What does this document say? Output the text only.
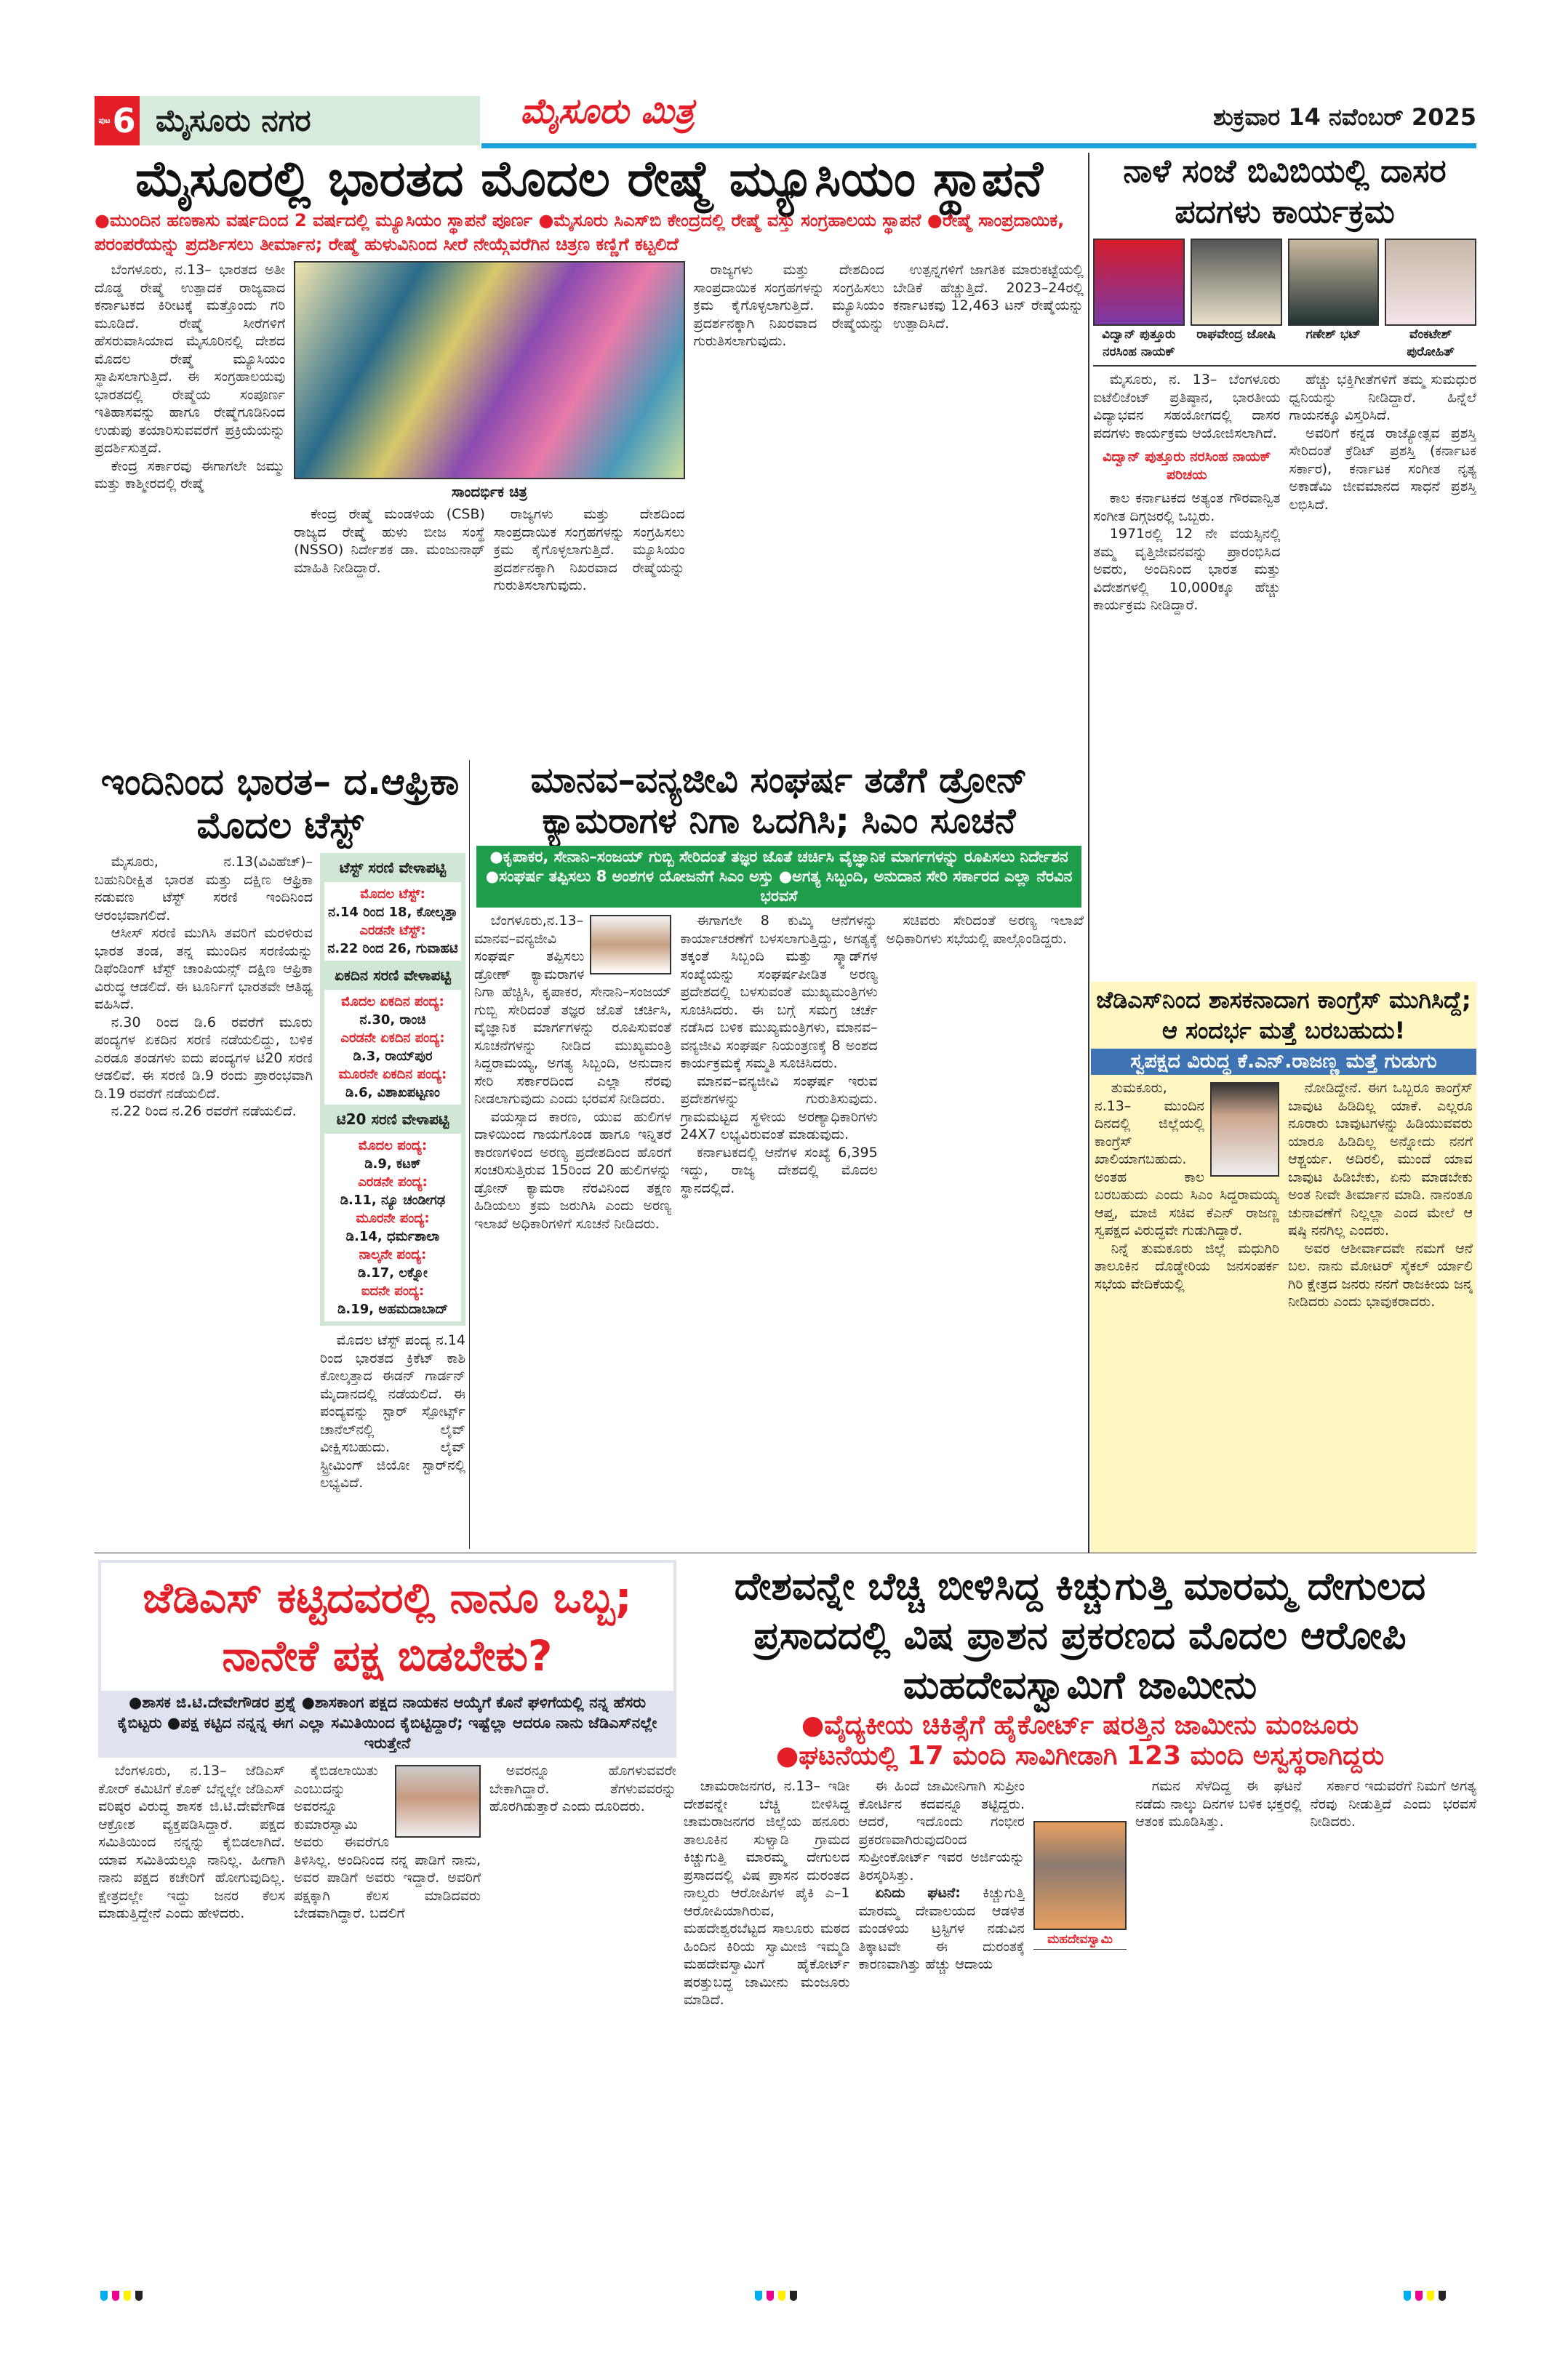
ಪುಟ 6 ಮೈಸೂರು ನಗರ	ಮೈಸೂರು ಮಿತ್ರ	ಶುಕ್ರವಾರ 14 ನವೆಂಬರ್ 2025
ಮೈಸೂರಲ್ಲಿ ಭಾರತದ ಮೊದಲ ರೇಷ್ಮೆ ಮ್ಯೂಸಿಯಂ ಸ್ಥಾಪನೆ
●ಮುಂದಿನ ಹಣಕಾಸು ವರ್ಷದಿಂದ 2 ವರ್ಷದಲ್ಲಿ ಮ್ಯೂಸಿಯಂ ಸ್ಥಾಪನೆ ಪೂರ್ಣ ●ಮೈಸೂರು ಸಿಎಸ್‌ಬಿ ಕೇಂದ್ರದಲ್ಲಿ ರೇಷ್ಮೆ ವಸ್ತು ಸಂಗ್ರಹಾಲಯ ಸ್ಥಾಪನೆ ●ರೇಷ್ಮೆ ಸಾಂಪ್ರದಾಯಿಕ, ಪರಂಪರೆಯನ್ನು ಪ್ರದರ್ಶಿಸಲು ತೀರ್ಮಾನ; ರೇಷ್ಮೆ ಹುಳುವಿನಿಂದ ಸೀರೆ ನೇಯ್ಗೆವರೆಗಿನ ಚಿತ್ರಣ ಕಣ್ಣಿಗೆ ಕಟ್ಟಲಿದೆ

ಬೆಂಗಳೂರು, ನ.13– ಭಾರತದ ಅತೀ ದೊಡ್ಡ ರೇಷ್ಮೆ ಉತ್ಪಾದಕ ರಾಜ್ಯವಾದ ಕರ್ನಾಟಕದ ಕಿರೀಟಕ್ಕೆ ಮತ್ತೊಂದು ಗರಿ ಮೂಡಿದೆ. ರೇಷ್ಮೆ ಸೀರೆಗಳಿಗೆ ಹೆಸರುವಾಸಿಯಾದ ಮೈಸೂರಿನಲ್ಲಿ ದೇಶದ ಮೊದಲ ರೇಷ್ಮೆ ಮ್ಯೂಸಿಯಂ ಸ್ಥಾಪಿಸಲಾಗುತ್ತಿದೆ. ಈ ಸಂಗ್ರಹಾಲಯವು ಭಾರತದಲ್ಲಿ ರೇಷ್ಮೆಯ ಸಂಪೂರ್ಣ ಇತಿಹಾಸವನ್ನು ಹಾಗೂ ರೇಷ್ಮೆಗೂಡಿನಿಂದ ಉಡುಪು ತಯಾರಿಸುವವರೆಗೆ ಪ್ರಕ್ರಿಯೆಯನ್ನು ಪ್ರದರ್ಶಿಸುತ್ತದೆ.

ಕೇಂದ್ರ ಸರ್ಕಾರವು ಈಗಾಗಲೇ ಜಮ್ಮು ಮತ್ತು ಕಾಶ್ಮೀರದಲ್ಲಿ ರೇಷ್ಮೆ	ಸಾಂದರ್ಭಿಕ ಚಿತ್ರ

ಕೇಂದ್ರ ರೇಷ್ಮೆ ಮಂಡಳಿಯ (CSB) ರಾಜ್ಯದ ರೇಷ್ಮೆ ಹುಳು ಬೀಜ ಸಂಸ್ಥೆ (NSSO) ನಿರ್ದೇಶಕ ಡಾ. ಮಂಜುನಾಥ್ ಮಾಹಿತಿ ನೀಡಿದ್ದಾರೆ.

ರಾಜ್ಯಗಳು ಮತ್ತು ದೇಶದಿಂದ ಸಾಂಪ್ರದಾಯಿಕ ಸಂಗ್ರಹಗಳನ್ನು ಸಂಗ್ರಹಿಸಲು ಕ್ರಮ ಕೈಗೊಳ್ಳಲಾಗುತ್ತಿದೆ. ಮ್ಯೂಸಿಯಂ ಪ್ರದರ್ಶನಕ್ಕಾಗಿ ನಿಖರವಾದ ರೇಷ್ಮೆಯನ್ನು ಗುರುತಿಸಲಾಗುವುದು.

ರಾಜ್ಯಗಳು ಮತ್ತು ದೇಶದಿಂದ ಸಾಂಪ್ರದಾಯಿಕ ಸಂಗ್ರಹಗಳನ್ನು ಸಂಗ್ರಹಿಸಲು ಕ್ರಮ ಕೈಗೊಳ್ಳಲಾಗುತ್ತಿದೆ. ಮ್ಯೂಸಿಯಂ ಪ್ರದರ್ಶನಕ್ಕಾಗಿ ನಿಖರವಾದ ರೇಷ್ಮೆಯನ್ನು ಗುರುತಿಸಲಾಗುವುದು.

ಉತ್ಪನ್ನಗಳಿಗೆ ಜಾಗತಿಕ ಮಾರುಕಟ್ಟೆಯಲ್ಲಿ ಬೇಡಿಕೆ ಹೆಚ್ಚುತ್ತಿದೆ. 2023–24ರಲ್ಲಿ ಕರ್ನಾಟಕವು 12,463 ಟನ್ ರೇಷ್ಮೆಯನ್ನು ಉತ್ಪಾದಿಸಿದೆ.

ನಾಳೆ ಸಂಜೆ ಬಿವಿಬಿಯಲ್ಲಿ ದಾಸರ ಪದಗಳು ಕಾರ್ಯಕ್ರಮ
ವಿದ್ವಾನ್ ಪುತ್ತೂರು ನರಸಿಂಹ ನಾಯಕ್
ರಾಘವೇಂದ್ರ ಜೋಷಿ	ಗಣೇಶ್ ಭಟ್	ವೆಂಕಟೇಶ್ ಪುರೋಹಿತ್

ಮೈಸೂರು, ನ. 13– ಬೆಂಗಳೂರು ಐಟೆಲಿಜೆಂಟ್ ಪ್ರತಿಷ್ಠಾನ, ಭಾರತೀಯ ವಿದ್ಯಾಭವನ ಸಹಯೋಗದಲ್ಲಿ ದಾಸರ ಪದಗಳು ಕಾರ್ಯಕ್ರಮ ಆಯೋಜಿಸಲಾಗಿದೆ.

ವಿದ್ವಾನ್ ಪುತ್ತೂರು ನರಸಿಂಹ ನಾಯಕ್ ಪರಿಚಯ

ಕಾಲ ಕರ್ನಾಟಕದ ಅತ್ಯಂತ ಗೌರವಾನ್ವಿತ ಸಂಗೀತ ದಿಗ್ಗಜರಲ್ಲಿ ಒಬ್ಬರು.

1971ರಲ್ಲಿ 12 ನೇ ವಯಸ್ಸಿನಲ್ಲಿ ತಮ್ಮ ವೃತ್ತಿಜೀವನವನ್ನು ಪ್ರಾರಂಭಿಸಿದ ಅವರು, ಅಂದಿನಿಂದ ಭಾರತ ಮತ್ತು ವಿದೇಶಗಳಲ್ಲಿ 10,000ಕ್ಕೂ ಹೆಚ್ಚು ಕಾರ್ಯಕ್ರಮ ನೀಡಿದ್ದಾರೆ.

ಹೆಚ್ಚು ಭಕ್ತಿಗೀತೆಗಳಿಗೆ ತಮ್ಮ ಸುಮಧುರ ಧ್ವನಿಯನ್ನು ನೀಡಿದ್ದಾರೆ. ಹಿನ್ನೆಲೆ ಗಾಯನಕ್ಕೂ ವಿಸ್ತರಿಸಿದೆ.

ಅವರಿಗೆ ಕನ್ನಡ ರಾಜ್ಯೋತ್ಸವ ಪ್ರಶಸ್ತಿ ಸೇರಿದಂತೆ ಕ್ರೆಡಿಟ್ ಪ್ರಶಸ್ತಿ (ಕರ್ನಾಟಕ ಸರ್ಕಾರ), ಕರ್ನಾಟಕ ಸಂಗೀತ ನೃತ್ಯ ಅಕಾಡೆಮಿ ಜೀವಮಾನದ ಸಾಧನೆ ಪ್ರಶಸ್ತಿ ಲಭಿಸಿದೆ.

ಜೆಡಿಎಸ್‌ನಿಂದ ಶಾಸಕನಾದಾಗ ಕಾಂಗ್ರೆಸ್ ಮುಗಿಸಿದ್ದೆ; ಆ ಸಂದರ್ಭ ಮತ್ತೆ ಬರಬಹುದು!
ಸ್ವಪಕ್ಷದ ವಿರುದ್ಧ ಕೆ.ಎನ್.ರಾಜಣ್ಣ ಮತ್ತೆ ಗುಡುಗು

ತುಮಕೂರು, ನ.13– ಮುಂದಿನ ದಿನದಲ್ಲಿ ಜಿಲ್ಲೆಯಲ್ಲಿ ಕಾಂಗ್ರೆಸ್ ಖಾಲಿಯಾಗಬಹುದು. ಅಂತಹ ಕಾಲ ಬರಬಹುದು ಎಂದು ಸಿಎಂ ಸಿದ್ದರಾಮಯ್ಯ ಆಪ್ತ, ಮಾಜಿ ಸಚಿವ ಕೆಎನ್ ರಾಜಣ್ಣ ಸ್ವಪಕ್ಷದ ವಿರುದ್ಧವೇ ಗುಡುಗಿದ್ದಾರೆ.

ನಿನ್ನೆ ತುಮಕೂರು ಜಿಲ್ಲೆ ಮಧುಗಿರಿ ತಾಲೂಕಿನ ದೊಡ್ಡೇರಿಯ ಜನಸಂಪರ್ಕ ಸಭೆಯ ವೇದಿಕೆಯಲ್ಲಿ

ನೋಡಿದ್ದೇನೆ. ಈಗ ಒಬ್ಬರೂ ಕಾಂಗ್ರೆಸ್ ಬಾವುಟ ಹಿಡಿದಿಲ್ಲ ಯಾಕೆ. ಎಲ್ಲರೂ ನೂರಾರು ಬಾವುಟಗಳನ್ನು ಹಿಡಿಯುವವರು ಯಾರೂ ಹಿಡಿದಿಲ್ಲ ಅನ್ನೋದು ನನಗೆ ಆಶ್ಚರ್ಯ. ಅದಿರಲಿ, ಮುಂದೆ ಯಾವ ಬಾವುಟ ಹಿಡಿಬೇಕು, ಏನು ಮಾಡಬೇಕು ಅಂತ ನೀವೇ ತೀರ್ಮಾನ ಮಾಡಿ. ನಾನಂತೂ ಚುನಾವಣೆಗೆ ನಿಲ್ಲಲ್ಲಾ ಎಂದ ಮೇಲೆ ಆ ಷಷ್ಠಿ ನನಗಿಲ್ಲ ಎಂದರು.

ಅವರ ಆಶೀರ್ವಾದವೇ ನಮಗೆ ಆನೆ ಬಲ. ನಾನು ಮೋಟರ್ ಸೈಕಲ್ ರ್ಯಾಲಿ ಗಿರಿ ಕ್ಷೇತ್ರದ ಜನರು ನನಗೆ ರಾಜಕೀಯ ಜನ್ಮ ನೀಡಿದರು ಎಂದು ಭಾವುಕರಾದರು.

ಇಂದಿನಿಂದ ಭಾರತ– ದ.ಆಫ್ರಿಕಾ ಮೊದಲ ಟೆಸ್ಟ್

ಮೈಸೂರು, ನ.13(ವಿವಿಹೆಚ್)– ಬಹುನಿರೀಕ್ಷಿತ ಭಾರತ ಮತ್ತು ದಕ್ಷಿಣ ಆಫ್ರಿಕಾ ನಡುವಣ ಟೆಸ್ಟ್ ಸರಣಿ ಇಂದಿನಿಂದ ಆರಂಭವಾಗಲಿದೆ.

ಆಸೀಸ್ ಸರಣಿ ಮುಗಿಸಿ ತವರಿಗೆ ಮರಳಿರುವ ಭಾರತ ತಂಡ, ತನ್ನ ಮುಂದಿನ ಸರಣಿಯನ್ನು ಡಿಫೆಂಡಿಂಗ್ ಟೆಸ್ಟ್ ಚಾಂಪಿಯನ್ಸ್ ದಕ್ಷಿಣ ಆಫ್ರಿಕಾ ವಿರುದ್ಧ ಆಡಲಿದೆ. ಈ ಟೂರ್ನಿಗೆ ಭಾರತವೇ ಆತಿಥ್ಯ ವಹಿಸಿದೆ.

ನ.30 ರಿಂದ ಡಿ.6 ರವರೆಗೆ ಮೂರು ಪಂದ್ಯಗಳ ಏಕದಿನ ಸರಣಿ ನಡೆಯಲಿದ್ದು, ಬಳಿಕ ಎರಡೂ ತಂಡಗಳು ಐದು ಪಂದ್ಯಗಳ ಟಿ20 ಸರಣಿ ಆಡಲಿವೆ. ಈ ಸರಣಿ ಡಿ.9 ರಂದು ಪ್ರಾರಂಭವಾಗಿ ಡಿ.19 ರವರೆಗೆ ನಡೆಯಲಿದೆ.

ನ.22 ರಿಂದ ನ.26 ರವರೆಗೆ ನಡೆಯಲಿದೆ.

ಟೆಸ್ಟ್ ಸರಣಿ ವೇಳಾಪಟ್ಟಿ
ಮೊದಲ ಟೆಸ್ಟ್:
ನ.14 ರಿಂದ 18, ಕೋಲ್ಕತ್ತಾ
ಎರಡನೇ ಟೆಸ್ಟ್:
ನ.22 ರಿಂದ 26, ಗುವಾಹಟಿ
ಏಕದಿನ ಸರಣಿ ವೇಳಾಪಟ್ಟಿ
ಮೊದಲ ಏಕದಿನ ಪಂದ್ಯ:
ನ.30, ರಾಂಚಿ
ಎರಡನೇ ಏಕದಿನ ಪಂದ್ಯ:
ಡಿ.3, ರಾಯ್‌ಪುರ
ಮೂರನೇ ಏಕದಿನ ಪಂದ್ಯ:
ಡಿ.6, ವಿಶಾಖಪಟ್ಟಣಂ
ಟಿ20 ಸರಣಿ ವೇಳಾಪಟ್ಟಿ
ಮೊದಲ ಪಂದ್ಯ:
ಡಿ.9, ಕಟಕ್
ಎರಡನೇ ಪಂದ್ಯ:
ಡಿ.11, ನ್ಯೂ ಚಂಡೀಗಢ
ಮೂರನೇ ಪಂದ್ಯ:
ಡಿ.14, ಧರ್ಮಶಾಲಾ
ನಾಲ್ಕನೇ ಪಂದ್ಯ:
ಡಿ.17, ಲಕ್ನೋ
ಐದನೇ ಪಂದ್ಯ:
ಡಿ.19, ಅಹಮದಾಬಾದ್

ಮೊದಲ ಟೆಸ್ಟ್ ಪಂದ್ಯ ನ.14 ರಿಂದ ಭಾರತದ ಕ್ರಿಕೆಟ್ ಕಾಶಿ ಕೋಲ್ಕತ್ತಾದ ಈಡನ್ ಗಾರ್ಡನ್ ಮೈದಾನದಲ್ಲಿ ನಡೆಯಲಿದೆ. ಈ ಪಂದ್ಯವನ್ನು ಸ್ಟಾರ್ ಸ್ಪೋರ್ಟ್ಸ್ ಚಾನೆಲ್‌ನಲ್ಲಿ ಲೈವ್ ವೀಕ್ಷಿಸಬಹುದು. ಲೈವ್ ಸ್ಟ್ರೀಮಿಂಗ್ ಜಿಯೋ ಸ್ಟಾರ್‌ನಲ್ಲಿ ಲಭ್ಯವಿದೆ.

ಮಾನವ–ವನ್ಯಜೀವಿ ಸಂಘರ್ಷ ತಡೆಗೆ ಡ್ರೋನ್ ಕ್ಯಾಮರಾಗಳ ನಿಗಾ ಒದಗಿಸಿ; ಸಿಎಂ ಸೂಚನೆ
●ಕೃಪಾಕರ, ಸೇನಾನಿ–ಸಂಜಯ್ ಗುಬ್ಬಿ ಸೇರಿದಂತೆ ತಜ್ಞರ ಜೊತೆ ಚರ್ಚಿಸಿ ವೈಜ್ಞಾನಿಕ ಮಾರ್ಗಗಳನ್ನು ರೂಪಿಸಲು ನಿರ್ದೇಶನ ●ಸಂಘರ್ಷ ತಪ್ಪಿಸಲು 8 ಅಂಶಗಳ ಯೋಜನೆಗೆ ಸಿಎಂ ಅಸ್ತು ●ಅಗತ್ಯ ಸಿಬ್ಬಂದಿ, ಅನುದಾನ ಸೇರಿ ಸರ್ಕಾರದ ಎಲ್ಲಾ ನೆರವಿನ ಭರವಸೆ

ಬೆಂಗಳೂರು,ನ.13– ಮಾನವ–ವನ್ಯಜೀವಿ ಸಂಘರ್ಷ ತಪ್ಪಿಸಲು ಡ್ರೋಣ್ ಕ್ಯಾಮರಾಗಳ ನಿಗಾ ಹೆಚ್ಚಿಸಿ, ಕೃಪಾಕರ, ಸೇನಾನಿ–ಸಂಜಯ್ ಗುಬ್ಬಿ ಸೇರಿದಂತೆ ತಜ್ಞರ ಜೊತೆ ಚರ್ಚಿಸಿ, ವೈಜ್ಞಾನಿಕ ಮಾರ್ಗಗಳನ್ನು ರೂಪಿಸುವಂತೆ ಸೂಚನೆಗಳನ್ನು ನೀಡಿದ ಮುಖ್ಯಮಂತ್ರಿ ಸಿದ್ದರಾಮಯ್ಯ, ಅಗತ್ಯ ಸಿಬ್ಬಂದಿ, ಅನುದಾನ ಸೇರಿ ಸರ್ಕಾರದಿಂದ ಎಲ್ಲಾ ನೆರವು ನೀಡಲಾಗುವುದು ಎಂದು ಭರವಸೆ ನೀಡಿದರು.

ವಯಸ್ಸಾದ ಕಾರಣ, ಯುವ ಹುಲಿಗಳ ದಾಳಿಯಿಂದ ಗಾಯಗೊಂಡ ಹಾಗೂ ಇನ್ನಿತರೆ ಕಾರಣಗಳಿಂದ ಅರಣ್ಯ ಪ್ರದೇಶದಿಂದ ಹೊರಗೆ ಸಂಚರಿಸುತ್ತಿರುವ 15ರಿಂದ 20 ಹುಲಿಗಳನ್ನು ಡ್ರೋನ್ ಕ್ಯಾಮರಾ ನೆರವಿನಿಂದ ತಕ್ಷಣ ಹಿಡಿಯಲು ಕ್ರಮ ಜರುಗಿಸಿ ಎಂದು ಅರಣ್ಯ ಇಲಾಖೆ ಅಧಿಕಾರಿಗಳಿಗೆ ಸೂಚನೆ ನೀಡಿದರು.

ಈಗಾಗಲೇ 8 ಕುಮ್ಕಿ ಆನೆಗಳನ್ನು ಕಾರ್ಯಾಚರಣೆಗೆ ಬಳಸಲಾಗುತ್ತಿದ್ದು, ಅಗತ್ಯಕ್ಕೆ ತಕ್ಕಂತೆ ಸಿಬ್ಬಂದಿ ಮತ್ತು ಸ್ಕ್ವಾಡ್‌ಗಳ ಸಂಖ್ಯೆಯನ್ನು ಸಂಘರ್ಷಪೀಡಿತ ಅರಣ್ಯ ಪ್ರದೇಶದಲ್ಲಿ ಬಳಸುವಂತೆ ಮುಖ್ಯಮಂತ್ರಿಗಳು ಸೂಚಿಸಿದರು. ಈ ಬಗ್ಗೆ ಸಮಗ್ರ ಚರ್ಚೆ ನಡೆಸಿದ ಬಳಿಕ ಮುಖ್ಯಮಂತ್ರಿಗಳು, ಮಾನವ–ವನ್ಯಜೀವಿ ಸಂಘರ್ಷ ನಿಯಂತ್ರಣಕ್ಕೆ 8 ಅಂಶದ ಕಾರ್ಯಕ್ರಮಕ್ಕೆ ಸಮ್ಮತಿ ಸೂಚಿಸಿದರು.

ಮಾನವ–ವನ್ಯಜೀವಿ ಸಂಘರ್ಷ ಇರುವ ಪ್ರದೇಶಗಳನ್ನು ಗುರುತಿಸುವುದು. ಗ್ರಾಮಮಟ್ಟದ ಸ್ಥಳೀಯ ಅರಣ್ಯಾಧಿಕಾರಿಗಳು 24X7 ಲಭ್ಯವಿರುವಂತೆ ಮಾಡುವುದು.

ಕರ್ನಾಟಕದಲ್ಲಿ ಆನೆಗಳ ಸಂಖ್ಯೆ 6,395 ಇದ್ದು, ರಾಜ್ಯ ದೇಶದಲ್ಲಿ ಮೊದಲ ಸ್ಥಾನದಲ್ಲಿದೆ.

ಸಚಿವರು ಸೇರಿದಂತೆ ಅರಣ್ಯ ಇಲಾಖೆ ಅಧಿಕಾರಿಗಳು ಸಭೆಯಲ್ಲಿ ಪಾಲ್ಗೊಂಡಿದ್ದರು.

ಜೆಡಿಎಸ್ ಕಟ್ಟಿದವರಲ್ಲಿ ನಾನೂ ಒಬ್ಬ; ನಾನೇಕೆ ಪಕ್ಷ ಬಿಡಬೇಕು?
●ಶಾಸಕ ಜಿ.ಟಿ.ದೇವೇಗೌಡರ ಪ್ರಶ್ನೆ ●ಶಾಸಕಾಂಗ ಪಕ್ಷದ ನಾಯಕನ ಆಯ್ಕೆಗೆ ಕೊನೆ ಘಳಿಗೆಯಲ್ಲಿ ನನ್ನ ಹೆಸರು ಕೈಬಿಟ್ಟರು ●ಪಕ್ಷ ಕಟ್ಟಿದ ನನ್ನನ್ನ ಈಗ ಎಲ್ಲಾ ಸಮಿತಿಯಿಂದ ಕೈಬಿಟ್ಟಿದ್ದಾರೆ; ಇಷ್ಟೆಲ್ಲಾ ಆದರೂ ನಾನು ಜೆಡಿಎಸ್‌ನಲ್ಲೇ ಇರುತ್ತೇನೆ

ಬೆಂಗಳೂರು, ನ.13– ಜೆಡಿಎಸ್ ಕೋರ್ ಕಮಿಟಿಗೆ ಕೊಕ್ ಬೆನ್ನಲ್ಲೇ ಜೆಡಿಎಸ್ ವರಿಷ್ಠರ ವಿರುದ್ಧ ಶಾಸಕ ಜಿ.ಟಿ.ದೇವೇಗೌಡ ಆಕ್ರೋಶ ವ್ಯಕ್ತಪಡಿಸಿದ್ದಾರೆ. ಪಕ್ಷದ ಸಮಿತಿಯಿಂದ ನನ್ನನ್ನು ಕೈಬಿಡಲಾಗಿದೆ. ಯಾವ ಸಮಿತಿಯಲ್ಲೂ ನಾನಿಲ್ಲ. ಹೀಗಾಗಿ ನಾನು ಪಕ್ಷದ ಕಚೇರಿಗೆ ಹೋಗುವುದಿಲ್ಲ. ಕ್ಷೇತ್ರದಲ್ಲೇ ಇದ್ದು ಜನರ ಕೆಲಸ ಮಾಡುತ್ತಿದ್ದೇನೆ ಎಂದು ಹೇಳಿದರು.

ಕೈಬಿಡಲಾಯಿತು ಎಂಬುದನ್ನು ಅವರನ್ನೂ ಕುಮಾರಸ್ವಾಮಿ ಅವರು ಈವರೆಗೂ ತಿಳಿಸಿಲ್ಲ. ಅಂದಿನಿಂದ ನನ್ನ ಪಾಡಿಗೆ ನಾನು, ಅವರ ಪಾಡಿಗೆ ಅವರು ಇದ್ದಾರೆ. ಅವರಿಗೆ ಪಕ್ಷಕ್ಕಾಗಿ ಕೆಲಸ ಮಾಡಿದವರು ಬೇಡವಾಗಿದ್ದಾರೆ. ಬದಲಿಗೆ

ಅವರನ್ನೂ ಹೊಗಳುವವರೇ ಬೇಕಾಗಿದ್ದಾರೆ. ತೆಗಳುವವರನ್ನು ಹೊರಗಿಡುತ್ತಾರೆ ಎಂದು ದೂರಿದರು.

ದೇಶವನ್ನೇ ಬೆಚ್ಚಿ ಬೀಳಿಸಿದ್ದ ಕಿಚ್ಚುಗುತ್ತಿ ಮಾರಮ್ಮ ದೇಗುಲದ ಪ್ರಸಾದದಲ್ಲಿ ವಿಷ ಪ್ರಾಶನ ಪ್ರಕರಣದ ಮೊದಲ ಆರೋಪಿ ಮಹದೇವಸ್ವಾಮಿಗೆ ಜಾಮೀನು
●ವೈದ್ಯಕೀಯ ಚಿಕಿತ್ಸೆಗೆ ಹೈಕೋರ್ಟ್ ಷರತ್ತಿನ ಜಾಮೀನು ಮಂಜೂರು
●ಘಟನೆಯಲ್ಲಿ 17 ಮಂದಿ ಸಾವಿಗೀಡಾಗಿ 123 ಮಂದಿ ಅಸ್ವಸ್ಥರಾಗಿದ್ದರು

ಚಾಮರಾಜನಗರ, ನ.13– ಇಡೀ ದೇಶವನ್ನೇ ಬೆಚ್ಚಿ ಬೀಳಿಸಿದ್ದ ಚಾಮರಾಜನಗರ ಜಿಲ್ಲೆಯ ಹನೂರು ತಾಲೂಕಿನ ಸುಳ್ವಾಡಿ ಗ್ರಾಮದ ಕಿಚ್ಚುಗುತ್ತಿ ಮಾರಮ್ಮ ದೇಗುಲದ ಪ್ರಸಾದದಲ್ಲಿ ವಿಷ ಪ್ರಾಸನ ದುರಂತದ ನಾಲ್ವರು ಆರೋಪಿಗಳ ಪೈಕಿ ಎ–1 ಆರೋಪಿಯಾಗಿರುವ, ಮಹದೇಶ್ವರಬೆಟ್ಟದ ಸಾಲೂರು ಮಠದ ಹಿಂದಿನ ಕಿರಿಯ ಸ್ವಾಮೀಜಿ ಇಮ್ಮಡಿ ಮಹದೇವಸ್ವಾಮಿಗೆ ಹೈಕೋರ್ಟ್ ಷರತ್ತುಬದ್ಧ ಜಾಮೀನು ಮಂಜೂರು ಮಾಡಿದೆ.

ಈ ಹಿಂದೆ ಜಾಮೀನಿಗಾಗಿ ಸುಪ್ರೀಂ ಕೋರ್ಟಿನ ಕದವನ್ನೂ ತಟ್ಟಿದ್ದರು. ಆದರೆ, ಇದೊಂದು ಗಂಭೀರ ಪ್ರಕರಣವಾಗಿರುವುದರಿಂದ ಸುಪ್ರೀಂಕೋರ್ಟ್ ಇವರ ಅರ್ಜಿಯನ್ನು ತಿರಸ್ಕರಿಸಿತ್ತು.

ಏನಿದು ಘಟನೆ: ಕಿಚ್ಚುಗುತ್ತಿ ಮಾರಮ್ಮ ದೇವಾಲಯದ ಆಡಳಿತ ಮಂಡಳಿಯ ಟ್ರಸ್ಟಿಗಳ ನಡುವಿನ ತಿಕ್ಕಾಟವೇ ಈ ದುರಂತಕ್ಕೆ ಕಾರಣವಾಗಿತ್ತು ಹೆಚ್ಚು ಆದಾಯ

ಮಹದೇವಸ್ವಾಮಿ

ಗಮನ ಸೆಳೆದಿದ್ದ ಈ ಘಟನೆ ನಡೆದು ನಾಲ್ಕು ದಿನಗಳ ಬಳಿಕ ಭಕ್ತರಲ್ಲಿ ಆತಂಕ ಮೂಡಿಸಿತ್ತು.

ಸರ್ಕಾರ ಇದುವರೆಗೆ ನಿಮಗೆ ಅಗತ್ಯ ನೆರವು ನೀಡುತ್ತಿದೆ ಎಂದು ಭರವಸೆ ನೀಡಿದರು.
